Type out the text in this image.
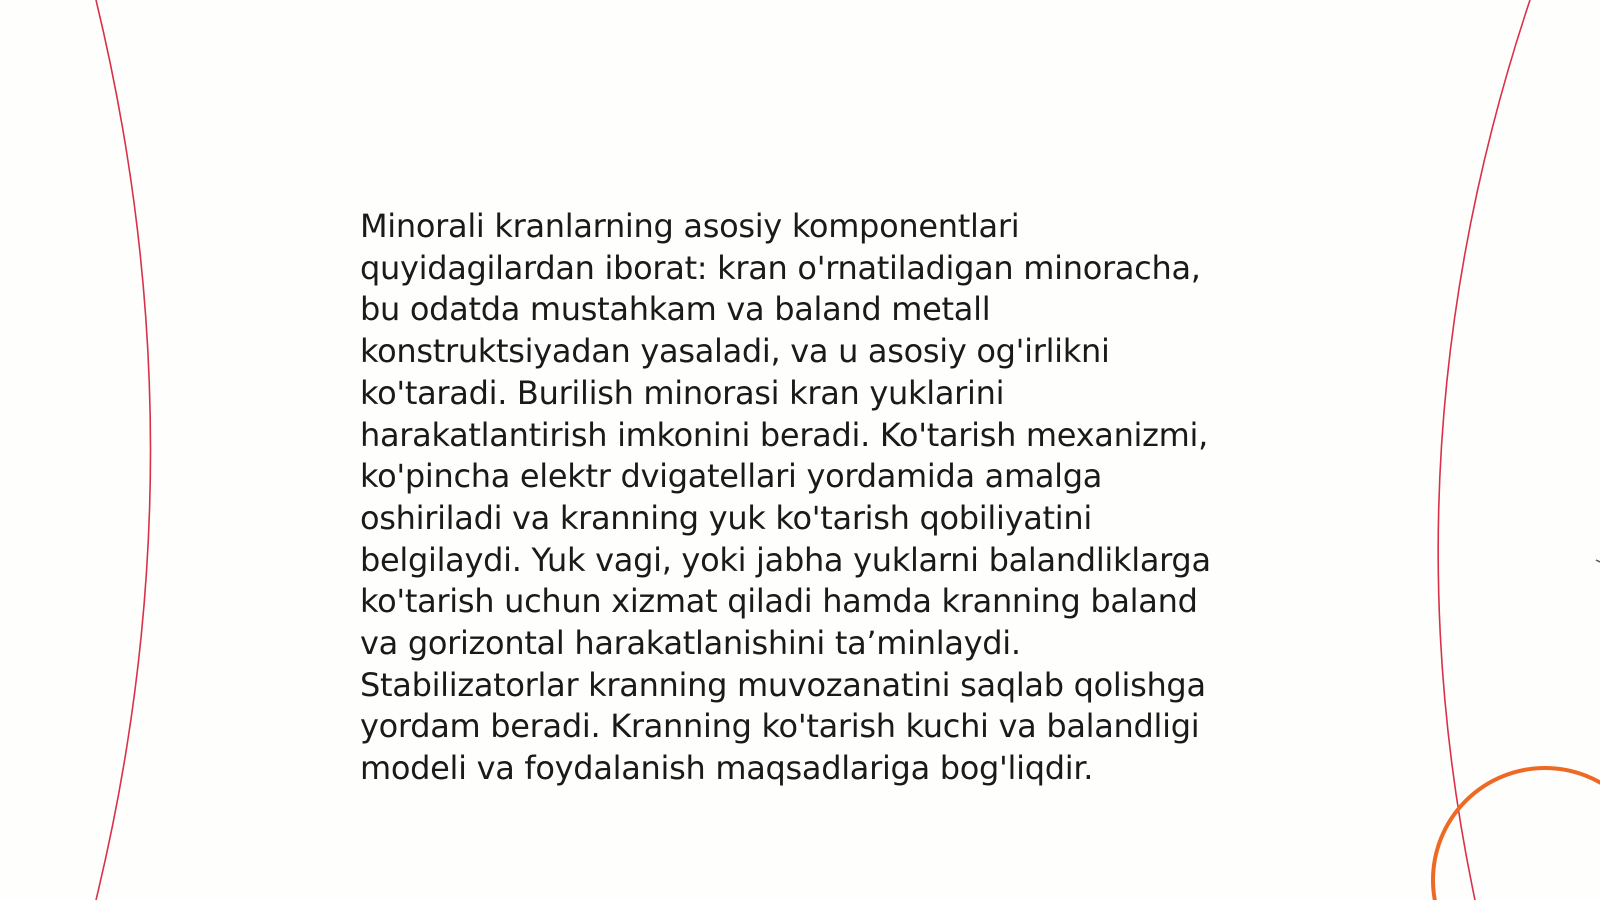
Minorali kranlarning asosiy komponentlari
quyidagilardan iborat: kran o'rnatiladigan minoracha,
bu odatda mustahkam va baland metall
konstruktsiyadan yasaladi, va u asosiy og'irlikni
ko'taradi. Burilish minorasi kran yuklarini
harakatlantirish imkonini beradi. Ko'tarish mexanizmi,
ko'pincha elektr dvigatellari yordamida amalga
oshiriladi va kranning yuk ko'tarish qobiliyatini
belgilaydi. Yuk vagi, yoki jabha yuklarni balandliklarga
ko'tarish uchun xizmat qiladi hamda kranning baland
va gorizontal harakatlanishini ta’minlaydi.
Stabilizatorlar kranning muvozanatini saqlab qolishga
yordam beradi. Kranning ko'tarish kuchi va balandligi
modeli va foydalanish maqsadlariga bog'liqdir.
